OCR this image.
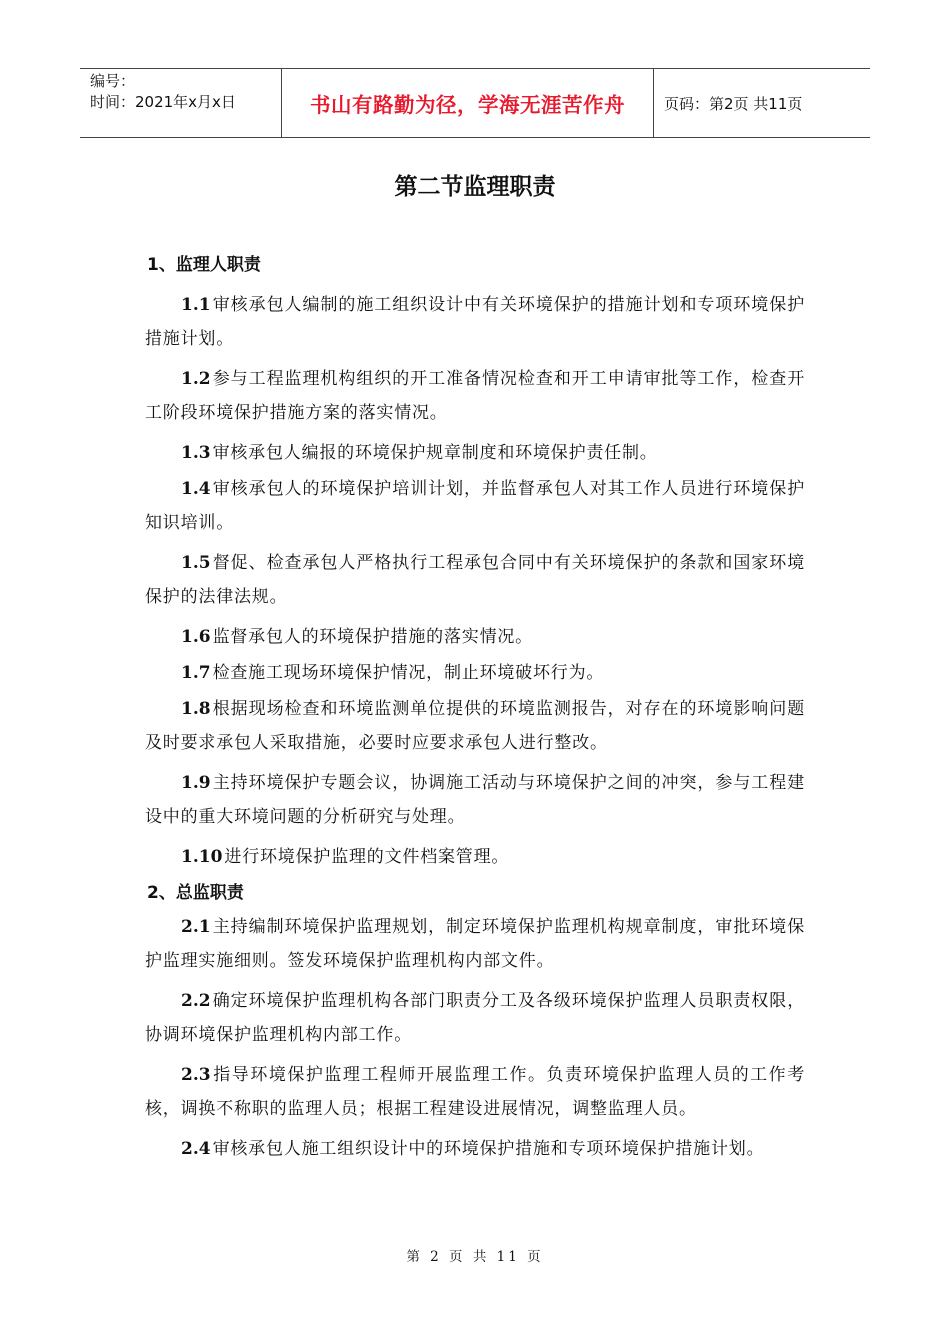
编号：
时间：2021年x月x日	书山有路勤为径，学海无涯苦作舟	页码：第2页 共11页
第二节监理职责
1、监理人职责

1.1 审核承包人编制的施工组织设计中有关环境保护的措施计划和专项环境保护措施计划。

1.2 参与工程监理机构组织的开工准备情况检查和开工申请审批等工作，检查开工阶段环境保护措施方案的落实情况。

1.3 审核承包人编报的环境保护规章制度和环境保护责任制。

1.4 审核承包人的环境保护培训计划，并监督承包人对其工作人员进行环境保护知识培训。

1.5 督促、检查承包人严格执行工程承包合同中有关环境保护的条款和国家环境保护的法律法规。

1.6 监督承包人的环境保护措施的落实情况。

1.7 检查施工现场环境保护情况，制止环境破坏行为。

1.8 根据现场检查和环境监测单位提供的环境监测报告，对存在的环境影响问题及时要求承包人采取措施，必要时应要求承包人进行整改。

1.9 主持环境保护专题会议，协调施工活动与环境保护之间的冲突，参与工程建设中的重大环境问题的分析研究与处理。

1.10 进行环境保护监理的文件档案管理。

2、总监职责

2.1 主持编制环境保护监理规划，制定环境保护监理机构规章制度，审批环境保护监理实施细则。签发环境保护监理机构内部文件。

2.2 确定环境保护监理机构各部门职责分工及各级环境保护监理人员职责权限，协调环境保护监理机构内部工作。

2.3 指导环境保护监理工程师开展监理工作。负责环境保护监理人员的工作考核，调换不称职的监理人员；根据工程建设进展情况，调整监理人员。

2.4 审核承包人施工组织设计中的环境保护措施和专项环境保护措施计划。

第 2 页 共 11 页
